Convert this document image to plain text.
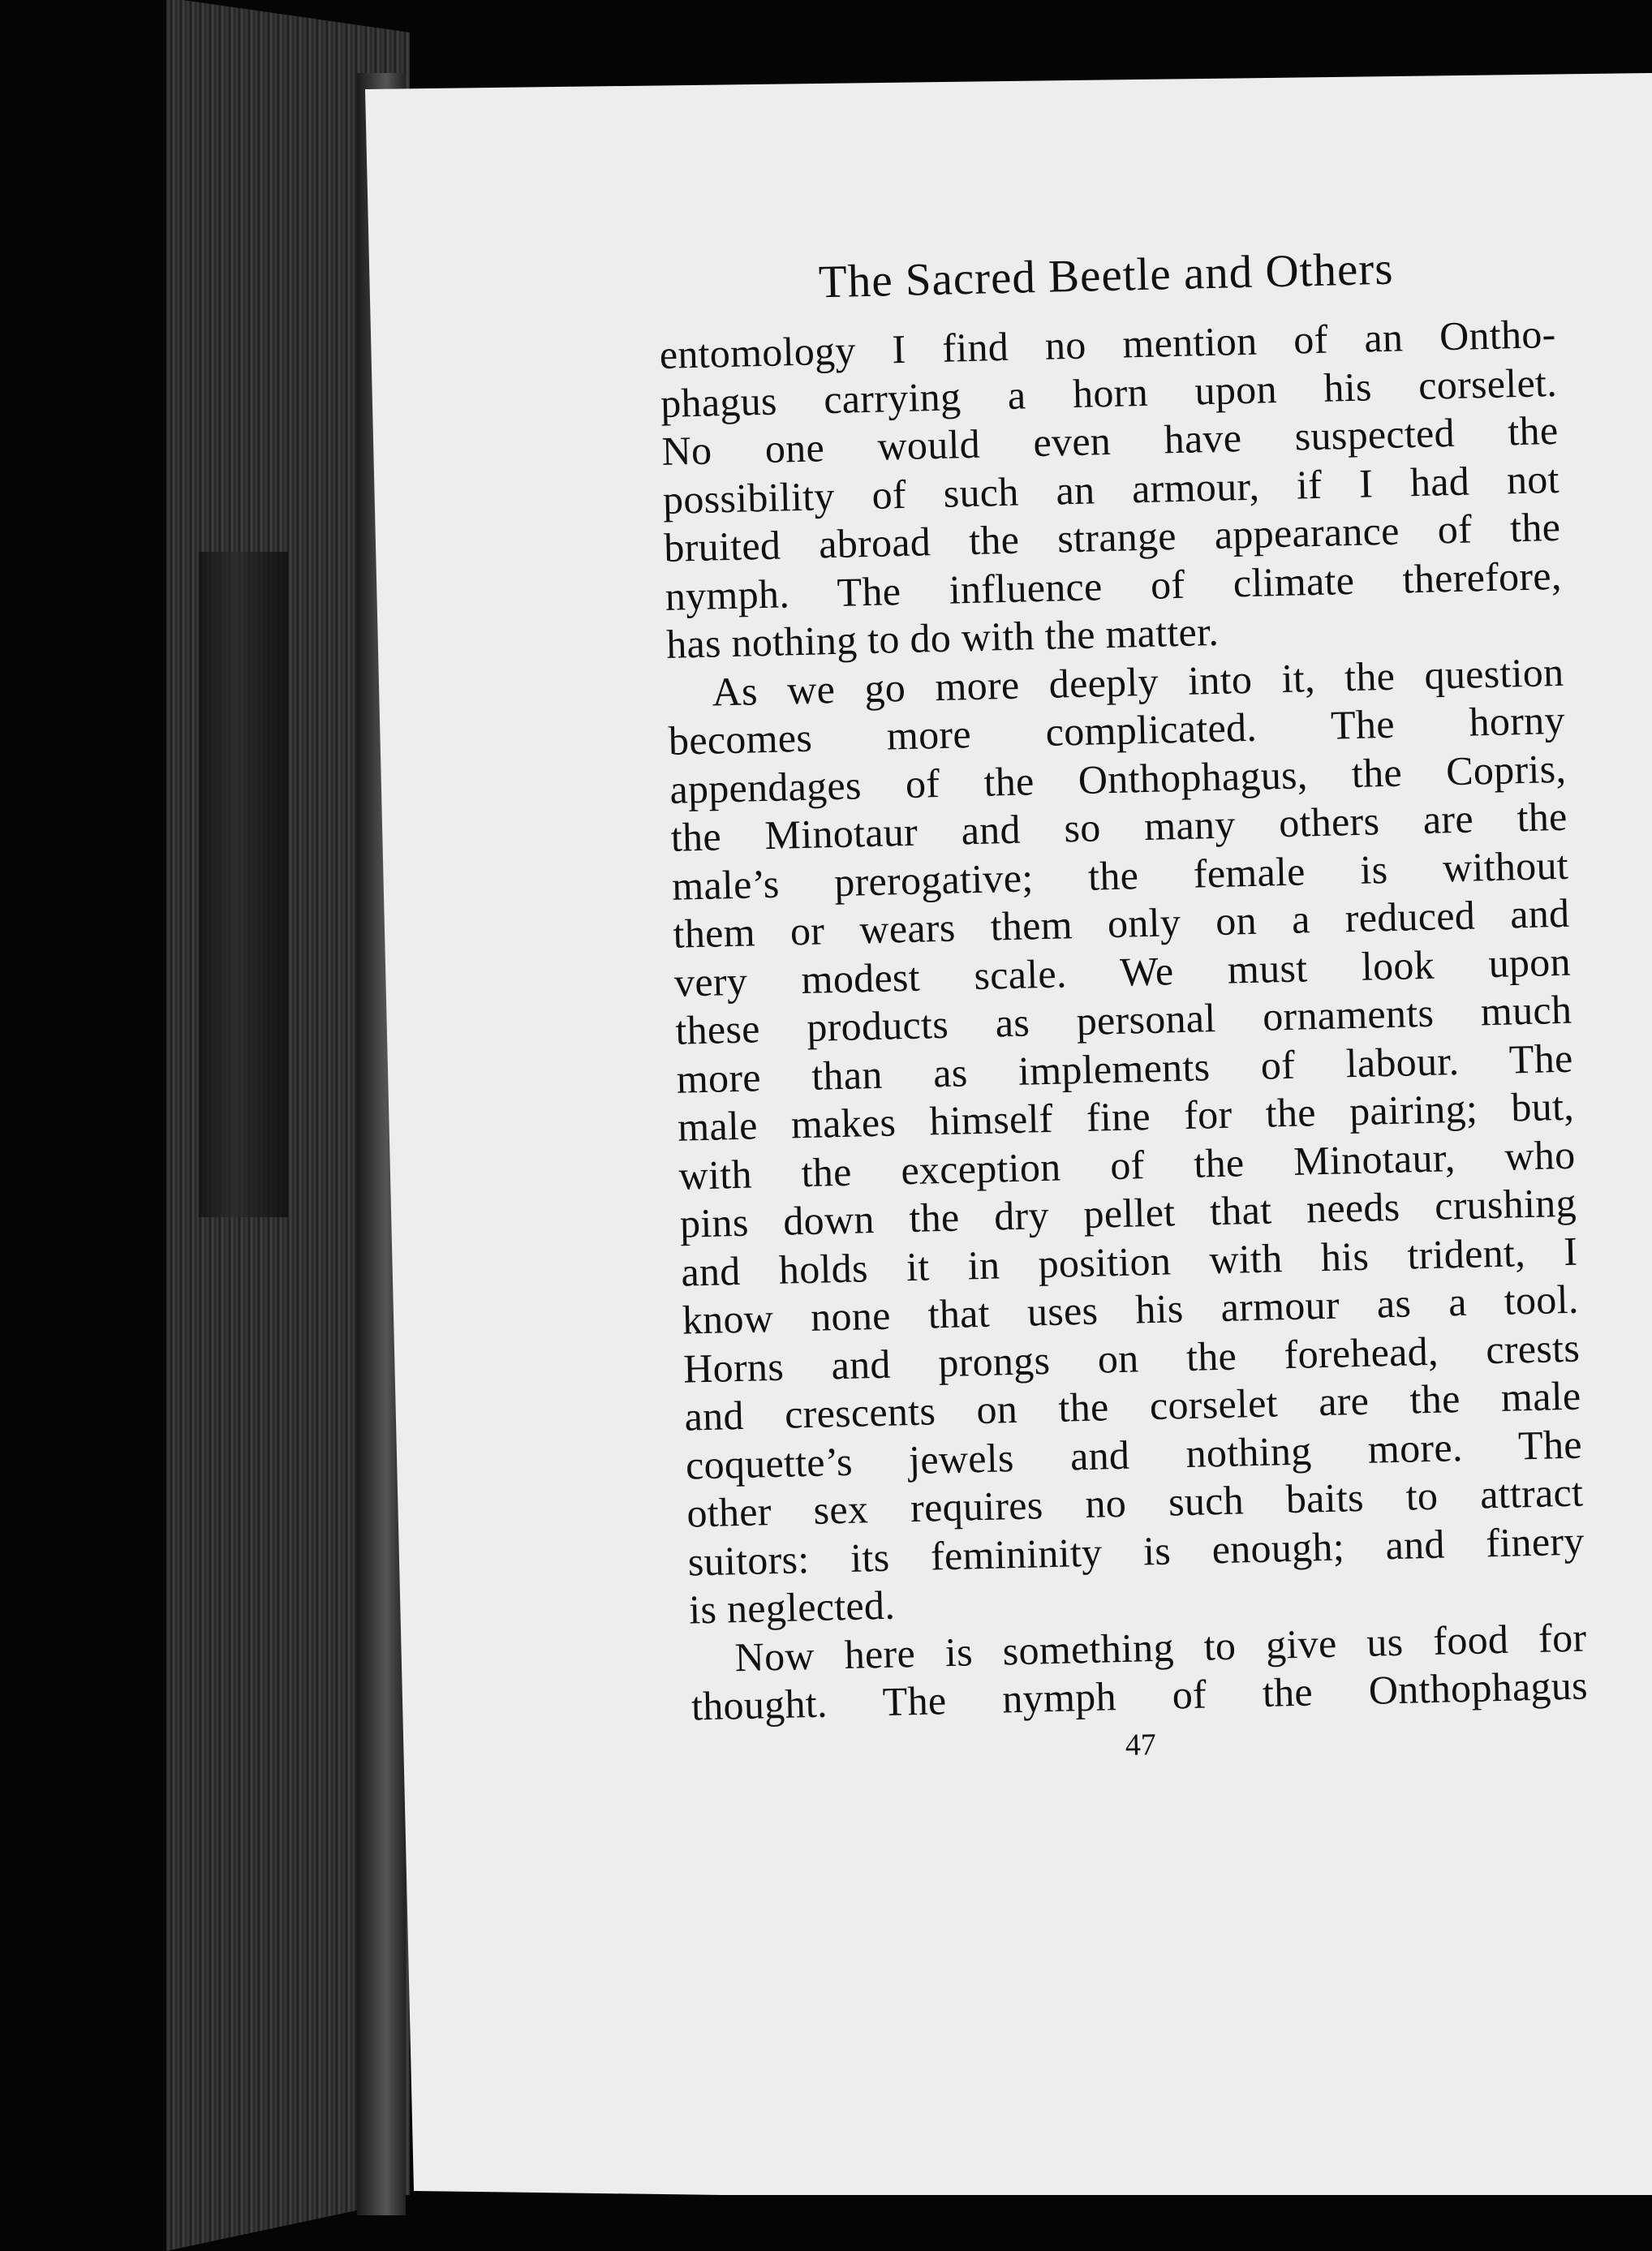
The Sacred Beetle and Others

entomology I find no mention of an Ontho-
phagus carrying a horn upon his corselet.
No one would even have suspected the
possibility of such an armour, if I had not
bruited abroad the strange appearance of the
nymph. The influence of climate therefore,
has nothing to do with the matter.

As we go more deeply into it, the question
becomes more complicated. The horny
appendages of the Onthophagus, the Copris,
the Minotaur and so many others are the
male’s prerogative; the female is without
them or wears them only on a reduced and
very modest scale. We must look upon
these products as personal ornaments much
more than as implements of labour. The
male makes himself fine for the pairing; but,
with the exception of the Minotaur, who
pins down the dry pellet that needs crushing
and holds it in position with his trident, I
know none that uses his armour as a tool.
Horns and prongs on the forehead, crests
and crescents on the corselet are the male
coquette’s jewels and nothing more. The
other sex requires no such baits to attract
suitors: its femininity is enough; and finery
is neglected.

Now here is something to give us food for
thought. The nymph of the Onthophagus

47
